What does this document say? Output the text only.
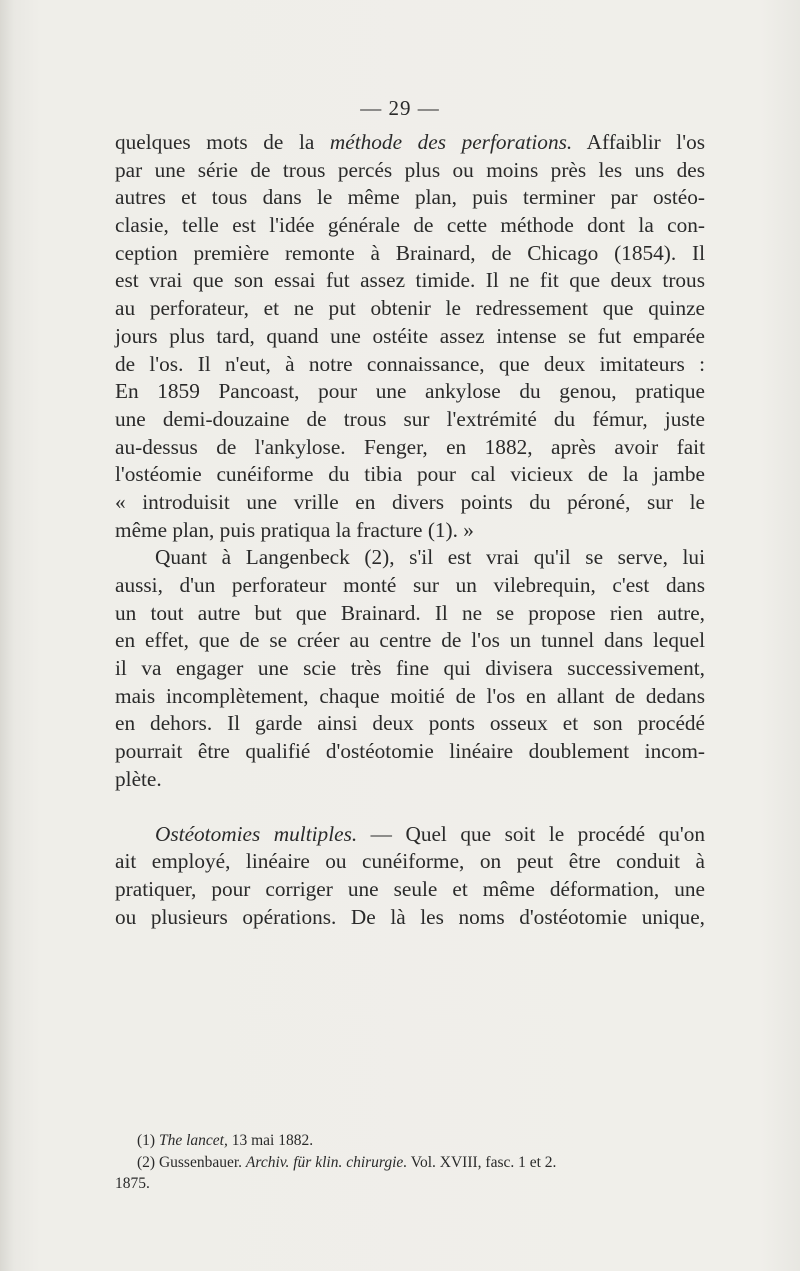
— 29 —
quelques mots de la méthode des perforations. Affaiblir l'os
par une série de trous percés plus ou moins près les uns des
autres et tous dans le même plan, puis terminer par ostéo-
clasie, telle est l'idée générale de cette méthode dont la con-
ception première remonte à Brainard, de Chicago (1854). Il
est vrai que son essai fut assez timide. Il ne fit que deux trous
au perforateur, et ne put obtenir le redressement que quinze
jours plus tard, quand une ostéite assez intense se fut emparée
de l'os. Il n'eut, à notre connaissance, que deux imitateurs :
En 1859 Pancoast, pour une ankylose du genou, pratique
une demi-douzaine de trous sur l'extrémité du fémur, juste
au-dessus de l'ankylose. Fenger, en 1882, après avoir fait
l'ostéomie cunéiforme du tibia pour cal vicieux de la jambe
« introduisit une vrille en divers points du péroné, sur le
même plan, puis pratiqua la fracture (1). »
Quant à Langenbeck (2), s'il est vrai qu'il se serve, lui
aussi, d'un perforateur monté sur un vilebrequin, c'est dans
un tout autre but que Brainard. Il ne se propose rien autre,
en effet, que de se créer au centre de l'os un tunnel dans lequel
il va engager une scie très fine qui divisera successivement,
mais incomplètement, chaque moitié de l'os en allant de dedans
en dehors. Il garde ainsi deux ponts osseux et son procédé
pourrait être qualifié d'ostéotomie linéaire doublement incom-
plète.
Ostéotomies multiples. — Quel que soit le procédé qu'on
ait employé, linéaire ou cunéiforme, on peut être conduit à
pratiquer, pour corriger une seule et même déformation, une
ou plusieurs opérations. De là les noms d'ostéotomie unique,
(1) The lancet, 13 mai 1882.
(2) Gussenbauer. Archiv. für klin. chirurgie. Vol. XVIII, fasc. 1 et 2.
1875.
